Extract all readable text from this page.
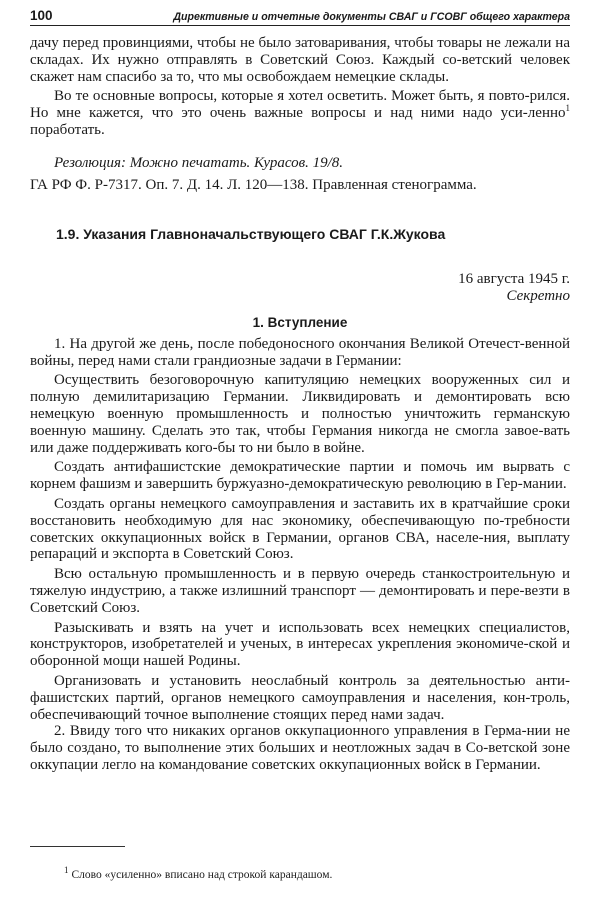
100	Директивные и отчетные документы СВАГ и ГСОВГ общего характера

дачу перед провинциями, чтобы не было затоваривания, чтобы товары не лежали на складах. Их нужно отправлять в Советский Союз. Каждый со-ветский человек скажет нам спасибо за то, что мы освобождаем немецкие склады.

Во те основные вопросы, которые я хотел осветить. Может быть, я повто-рился. Но мне кажется, что это очень важные вопросы и над ними надо уси-ленно$^1$ поработать.

Резолюция: Можно печатать. Курасов. 19/8.

ГА РФ Ф. Р-7317. Оп. 7. Д. 14. Л. 120—138. Правленная стенограмма.

1.9. Указания Главноначальствующего СВАГ Г.К.Жукова
16 августа 1945 г.
Секретно
1. Вступление

1. На другой же день, после победоносного окончания Великой Отечест-венной войны, перед нами стали грандиозные задачи в Германии:

Осуществить безоговорочную капитуляцию немецких вооруженных сил и полную демилитаризацию Германии. Ликвидировать и демонтировать всю немецкую военную промышленность и полностью уничтожить германскую военную машину. Сделать это так, чтобы Германия никогда не смогла завое-вать или даже поддерживать кого-бы то ни было в войне.

Создать антифашистские демократические партии и помочь им вырвать с корнем фашизм и завершить буржуазно-демократическую революцию в Гер-мании.

Создать органы немецкого самоуправления и заставить их в кратчайшие сроки восстановить необходимую для нас экономику, обеспечивающую по-требности советских оккупационных войск в Германии, органов СВА, населе-ния, выплату репараций и экспорта в Советский Союз.

Всю остальную промышленность и в первую очередь станкостроительную и тяжелую индустрию, а также излишний транспорт — демонтировать и пере-везти в Советский Союз.

Разыскивать и взять на учет и использовать всех немецких специалистов, конструкторов, изобретателей и ученых, в интересах укрепления экономиче-ской и оборонной мощи нашей Родины.

Организовать и установить неослабный контроль за деятельностью анти-фашистских партий, органов немецкого самоуправления и населения, кон-троль, обеспечивающий точное выполнение стоящих перед нами задач.

2. Ввиду того что никаких органов оккупационного управления в Герма-нии не было создано, то выполнение этих больших и неотложных задач в Со-ветской зоне оккупации легло на командование советских оккупационных войск в Германии.

$^1$ Слово «усиленно» вписано над строкой карандашом.
